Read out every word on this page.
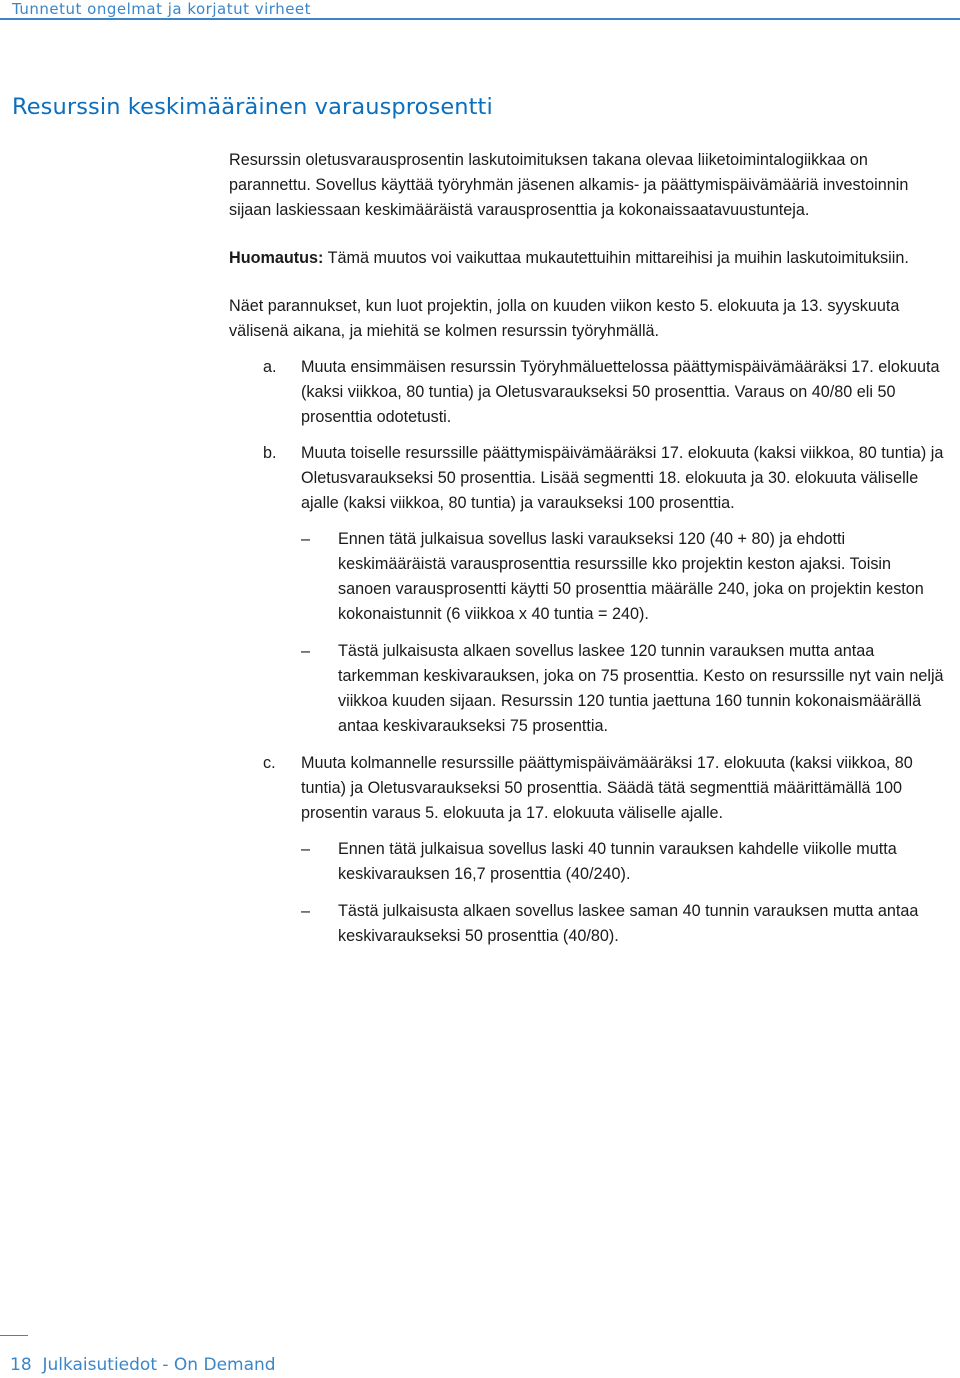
Tunnetut ongelmat ja korjatut virheet
Resurssin keskimääräinen varausprosentti

Resurssin oletusvarausprosentin laskutoimituksen takana olevaa liiketoimintalogiikkaa on parannettu. Sovellus käyttää työryhmän jäsenen alkamis- ja päättymispäivämääriä investoinnin sijaan laskiessaan keskimääräistä varausprosenttia ja kokonaissaatavuustunteja.

Huomautus: Tämä muutos voi vaikuttaa mukautettuihin mittareihisi ja muihin laskutoimituksiin.

Näet parannukset, kun luot projektin, jolla on kuuden viikon kesto 5. elokuuta ja 13. syyskuuta välisenä aikana, ja miehitä se kolmen resurssin työryhmällä.

a. Muuta ensimmäisen resurssin Työryhmäluettelossa päättymispäivämääräksi 17. elokuuta (kaksi viikkoa, 80 tuntia) ja Oletusvaraukseksi 50 prosenttia. Varaus on 40/80 eli 50 prosenttia odotetusti.
b. Muuta toiselle resurssille päättymispäivämääräksi 17. elokuuta (kaksi viikkoa, 80 tuntia) ja Oletusvaraukseksi 50 prosenttia. Lisää segmentti 18. elokuuta ja 30. elokuuta väliselle ajalle (kaksi viikkoa, 80 tuntia) ja varaukseksi 100 prosenttia.
– Ennen tätä julkaisua sovellus laski varaukseksi 120 (40 + 80) ja ehdotti keskimääräistä varausprosenttia resurssille kko projektin keston ajaksi. Toisin sanoen varausprosentti käytti 50 prosenttia määrälle 240, joka on projektin keston kokonaistunnit (6 viikkoa x 40 tuntia = 240).
– Tästä julkaisusta alkaen sovellus laskee 120 tunnin varauksen mutta antaa tarkemman keskivarauksen, joka on 75 prosenttia. Kesto on resurssille nyt vain neljä viikkoa kuuden sijaan. Resurssin 120 tuntia jaettuna 160 tunnin kokonaismäärällä antaa keskivaraukseksi 75 prosenttia.
c. Muuta kolmannelle resurssille päättymispäivämääräksi 17. elokuuta (kaksi viikkoa, 80 tuntia) ja Oletusvaraukseksi 50 prosenttia. Säädä tätä segmenttiä määrittämällä 100 prosentin varaus 5. elokuuta ja 17. elokuuta väliselle ajalle.
– Ennen tätä julkaisua sovellus laski 40 tunnin varauksen kahdelle viikolle mutta keskivarauksen 16,7 prosenttia (40/240).
– Tästä julkaisusta alkaen sovellus laskee saman 40 tunnin varauksen mutta antaa keskivaraukseksi 50 prosenttia (40/80).
18 Julkaisutiedot - On Demand
